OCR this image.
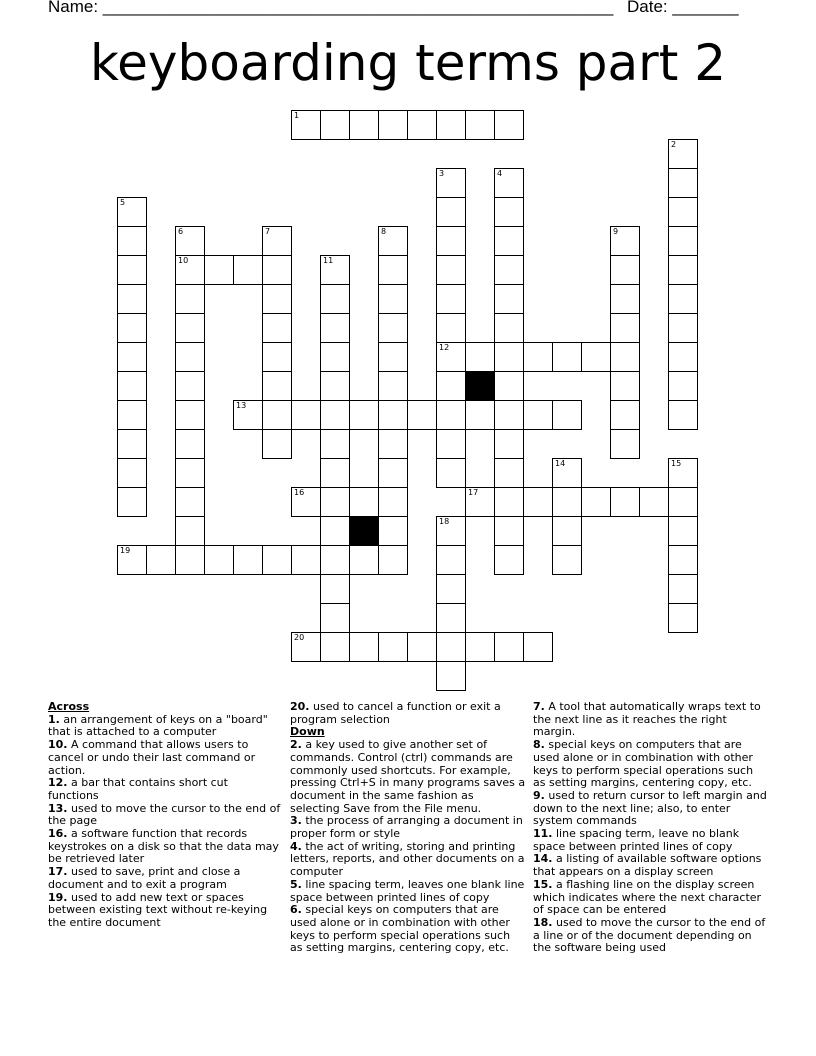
Name: ______________________________________________________ Date: _______
keyboarding terms part 2
1
2
3
12
4
5
6
10
7	8	9
11
13
14	15
16	17
18
19
20
Across

1. an arrangement of keys on a "board" that is attached to a computer

10. A command that allows users to cancel or undo their last command or action.

12. a bar that contains short cut functions

13. used to move the cursor to the end of the page

16. a software function that records keystrokes on a disk so that the data may be retrieved later

17. used to save, print and close a document and to exit a program

19. used to add new text or spaces between existing text without re-keying the entire document

20. used to cancel a function or exit a program selection

Down

2. a key used to give another set of commands. Control (ctrl) commands are commonly used shortcuts. For example, pressing Ctrl+S in many programs saves a document in the same fashion as selecting Save from the File menu.

3. the process of arranging a document in proper form or style

4. the act of writing, storing and printing letters, reports, and other documents on a computer

5. line spacing term, leaves one blank line space between printed lines of copy

6. special keys on computers that are used alone or in combination with other keys to perform special operations such as setting margins, centering copy, etc.

7. A tool that automatically wraps text to the next line as it reaches the right margin.

8. special keys on computers that are used alone or in combination with other keys to perform special operations such as setting margins, centering copy, etc.

9. used to return cursor to left margin and down to the next line; also, to enter system commands

11. line spacing term, leave no blank space between printed lines of copy

14. a listing of available software options that appears on a display screen

15. a flashing line on the display screen which indicates where the next character of space can be entered

18. used to move the cursor to the end of a line or of the document depending on the software being used
